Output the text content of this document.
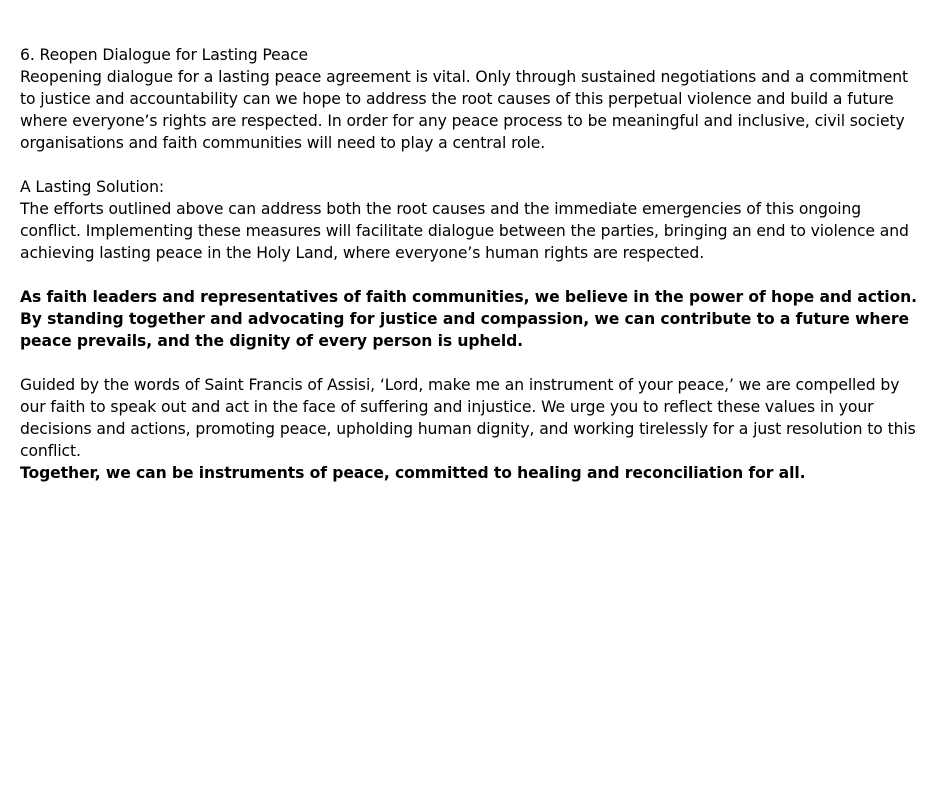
6. Reopen Dialogue for Lasting Peace

Reopening dialogue for a lasting peace agreement is vital. Only through sustained negotiations and a commitment to justice and accountability can we hope to address the root causes of this perpetual violence and build a future where everyone’s rights are respected. In order for any peace process to be meaningful and inclusive, civil society organisations and faith communities will need to play a central role.

A Lasting Solution:

The efforts outlined above can address both the root causes and the immediate emergencies of this ongoing conflict. Implementing these measures will facilitate dialogue between the parties, bringing an end to violence and achieving lasting peace in the Holy Land, where everyone’s human rights are respected.

As faith leaders and representatives of faith communities, we believe in the power of hope and action. By standing together and advocating for justice and compassion, we can contribute to a future where peace prevails, and the dignity of every person is upheld.

Guided by the words of Saint Francis of Assisi, ‘Lord, make me an instrument of your peace,’ we are compelled by our faith to speak out and act in the face of suffering and injustice. We urge you to reflect these values in your decisions and actions, promoting peace, upholding human dignity, and working tirelessly for a just resolution to this conflict.

Together, we can be instruments of peace, committed to healing and reconciliation for all.
